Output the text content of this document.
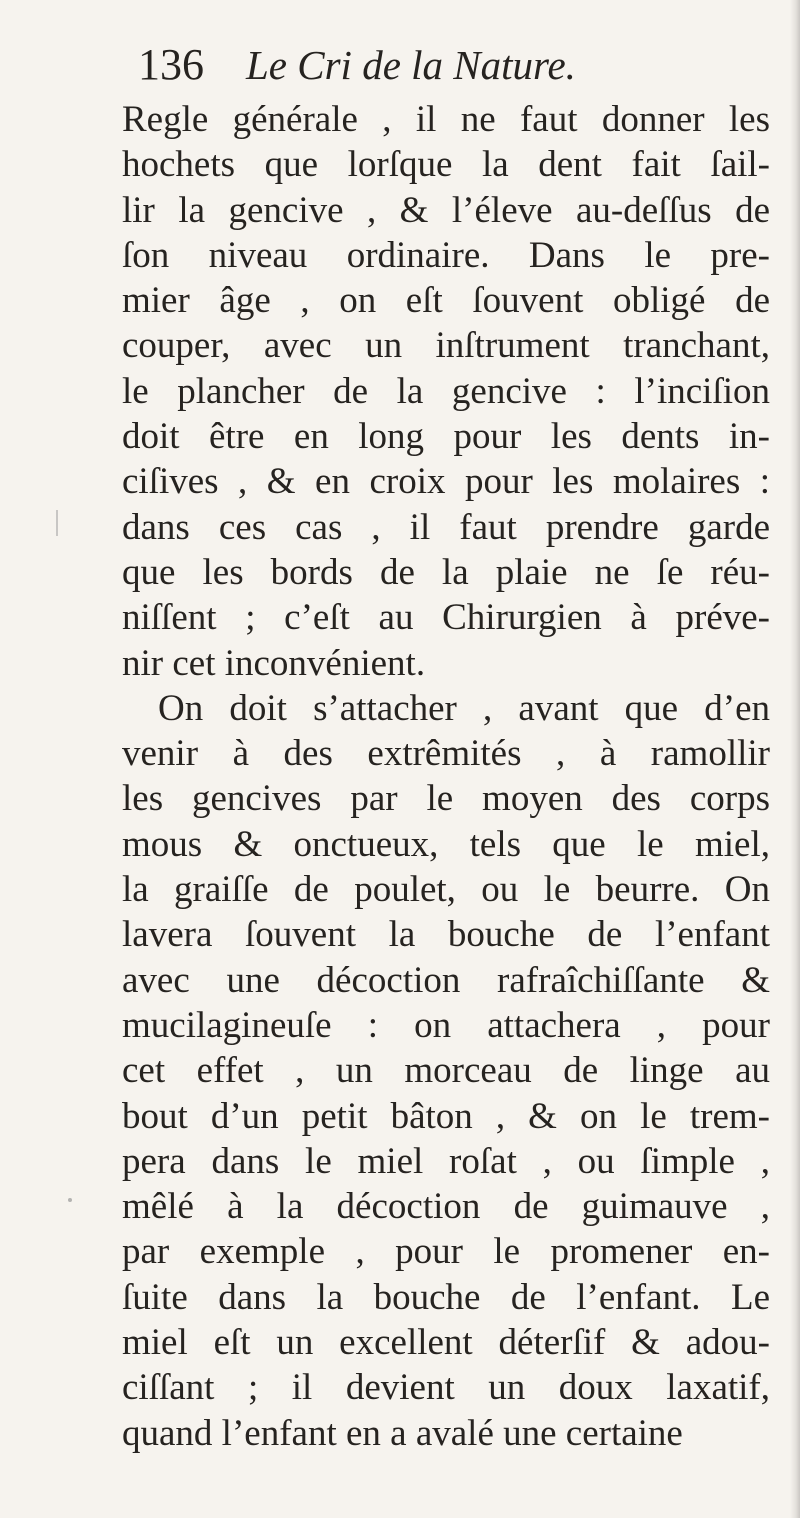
136 Le Cri de la Nature.
Regle générale , il ne faut donner les
hochets que lorſque la dent fait ſail-
lir la gencive , & l’éleve au-deſſus de
ſon niveau ordinaire. Dans le pre-
mier âge , on eſt ſouvent obligé de
couper, avec un inſtrument tranchant,
le plancher de la gencive : l’inciſion
doit être en long pour les dents in-
ciſives , & en croix pour les molaires :
dans ces cas , il faut prendre garde
que les bords de la plaie ne ſe réu-
niſſent ; c’eſt au Chirurgien à préve-
nir cet inconvénient.
On doit s’attacher , avant que d’en
venir à des extrêmités , à ramollir
les gencives par le moyen des corps
mous & onctueux, tels que le miel,
la graiſſe de poulet, ou le beurre. On
lavera ſouvent la bouche de l’enfant
avec une décoction rafraîchiſſante &
mucilagineuſe : on attachera , pour
cet effet , un morceau de linge au
bout d’un petit bâton , & on le trem-
pera dans le miel roſat , ou ſimple ,
mêlé à la décoction de guimauve ,
par exemple , pour le promener en-
ſuite dans la bouche de l’enfant. Le
miel eſt un excellent déterſif & adou-
ciſſant ; il devient un doux laxatif,
quand l’enfant en a avalé une certaine
